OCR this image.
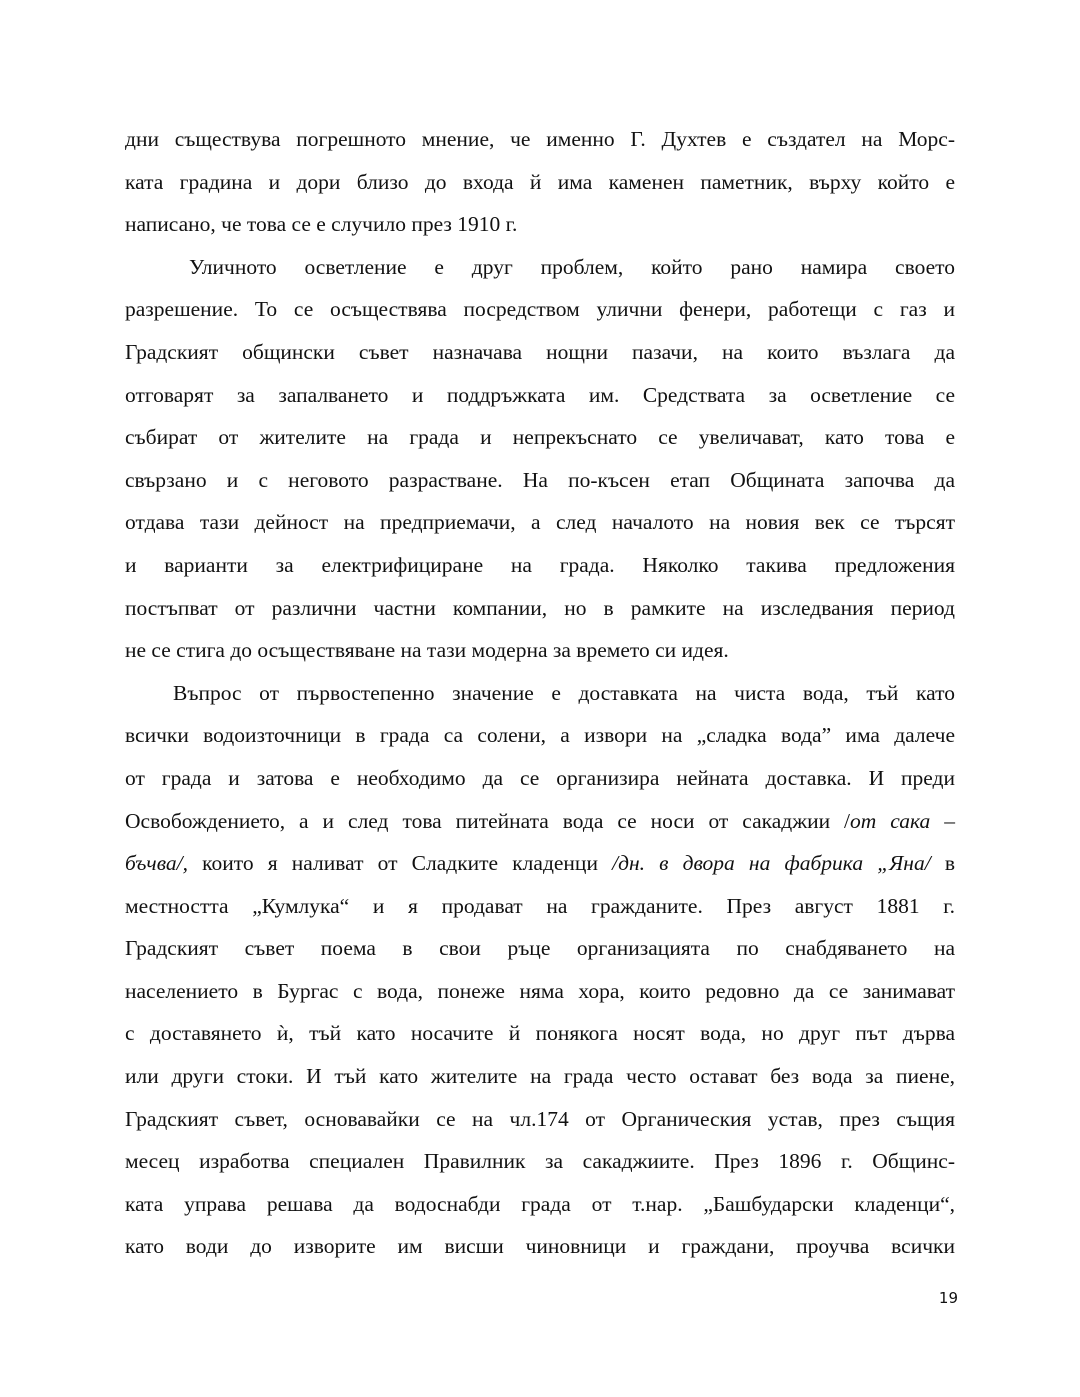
дни съществува погрешното мнение, че именно Г. Духтев е създател на Морс-
ката градина и дори близо до входа й има каменен паметник, върху който е
написано, че това се е случило през 1910 г.
Уличното осветление е друг проблем, който рано намира своето
разрешение. То се осъществява посредством улични фенери, работещи с газ и
Градският общински съвет назначава нощни пазачи, на които възлага да
отговарят за запалването и поддръжката им. Средствата за осветление се
събират от жителите на града и непрекъснато се увеличават, като това е
свързано и с неговото разрастване. На по-късен етап Общината започва да
отдава тази дейност на предприемачи, а след началото на новия век се търсят
и варианти за електрифициране на града. Няколко такива предложения
постъпват от различни частни компании, но в рамките на изследвания период
не се стига до осъществяване на тази модерна за времето си идея.
Въпрос от първостепенно значение е доставката на чиста вода, тъй като
всички водоизточници в града са солени, а извори на „сладка вода” има далече
от града и затова е необходимо да се организира нейната доставка. И преди
Освобождението, а и след това питейната вода се носи от сакаджии /от сака –
бъчва/, които я наливат от Сладките кладенци /дн. в двора на фабрика „Яна/ в
местността „Кумлука“ и я продават на гражданите. През август 1881 г.
Градският съвет поема в свои ръце организацията по снабдяването на
населението в Бургас с вода, понеже няма хора, които редовно да се занимават
с доставянето ѝ, тъй като носачите й понякога носят вода, но друг път дърва
или други стоки. И тъй като жителите на града често остават без вода за пиене,
Градският съвет, основавайки се на чл.174 от Органическия устав, през същия
месец изработва специален Правилник за сакаджиите. През 1896 г. Общинс-
ката управа решава да водоснабди града от т.нар. „Башбударски кладенци“,
като води до изворите им висши чиновници и граждани, проучва всички
19
